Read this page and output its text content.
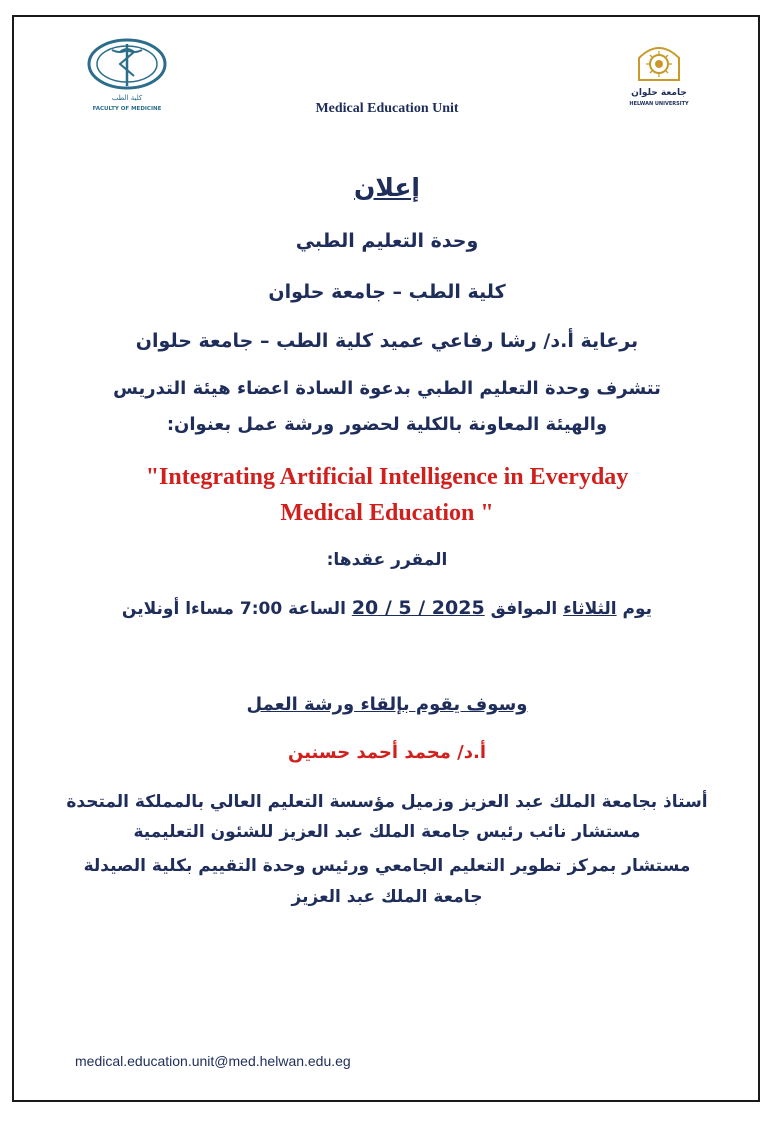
كلية الطب
FACULTY OF MEDICINE
جامعة حلوان
HELWAN UNIVERSITY
Medical Education Unit
إعلان
وحدة التعليم الطبي
كلية الطب – جامعة حلوان
برعاية أ.د/ رشا رفاعي عميد كلية الطب – جامعة حلوان
تتشرف وحدة التعليم الطبي بدعوة السادة اعضاء هيئة التدريس
والهيئة المعاونة بالكلية لحضور ورشة عمل بعنوان:
"Integrating Artificial Intelligence in Everyday
Medical Education "
المقرر عقدها:
يوم الثلاثاء الموافق 20 / 5 / 2025 الساعة 7:00 مساءا أونلاين
وسوف يقوم بإلقاء ورشة العمل
أ.د/ محمد أحمد حسنين
أستاذ بجامعة الملك عبد العزيز وزميل مؤسسة التعليم العالي بالمملكة المتحدة
مستشار نائب رئيس جامعة الملك عبد العزيز للشئون التعليمية
مستشار بمركز تطوير التعليم الجامعي ورئيس وحدة التقييم بكلية الصيدلة
جامعة الملك عبد العزيز
medical.education.unit@med.helwan.edu.eg
